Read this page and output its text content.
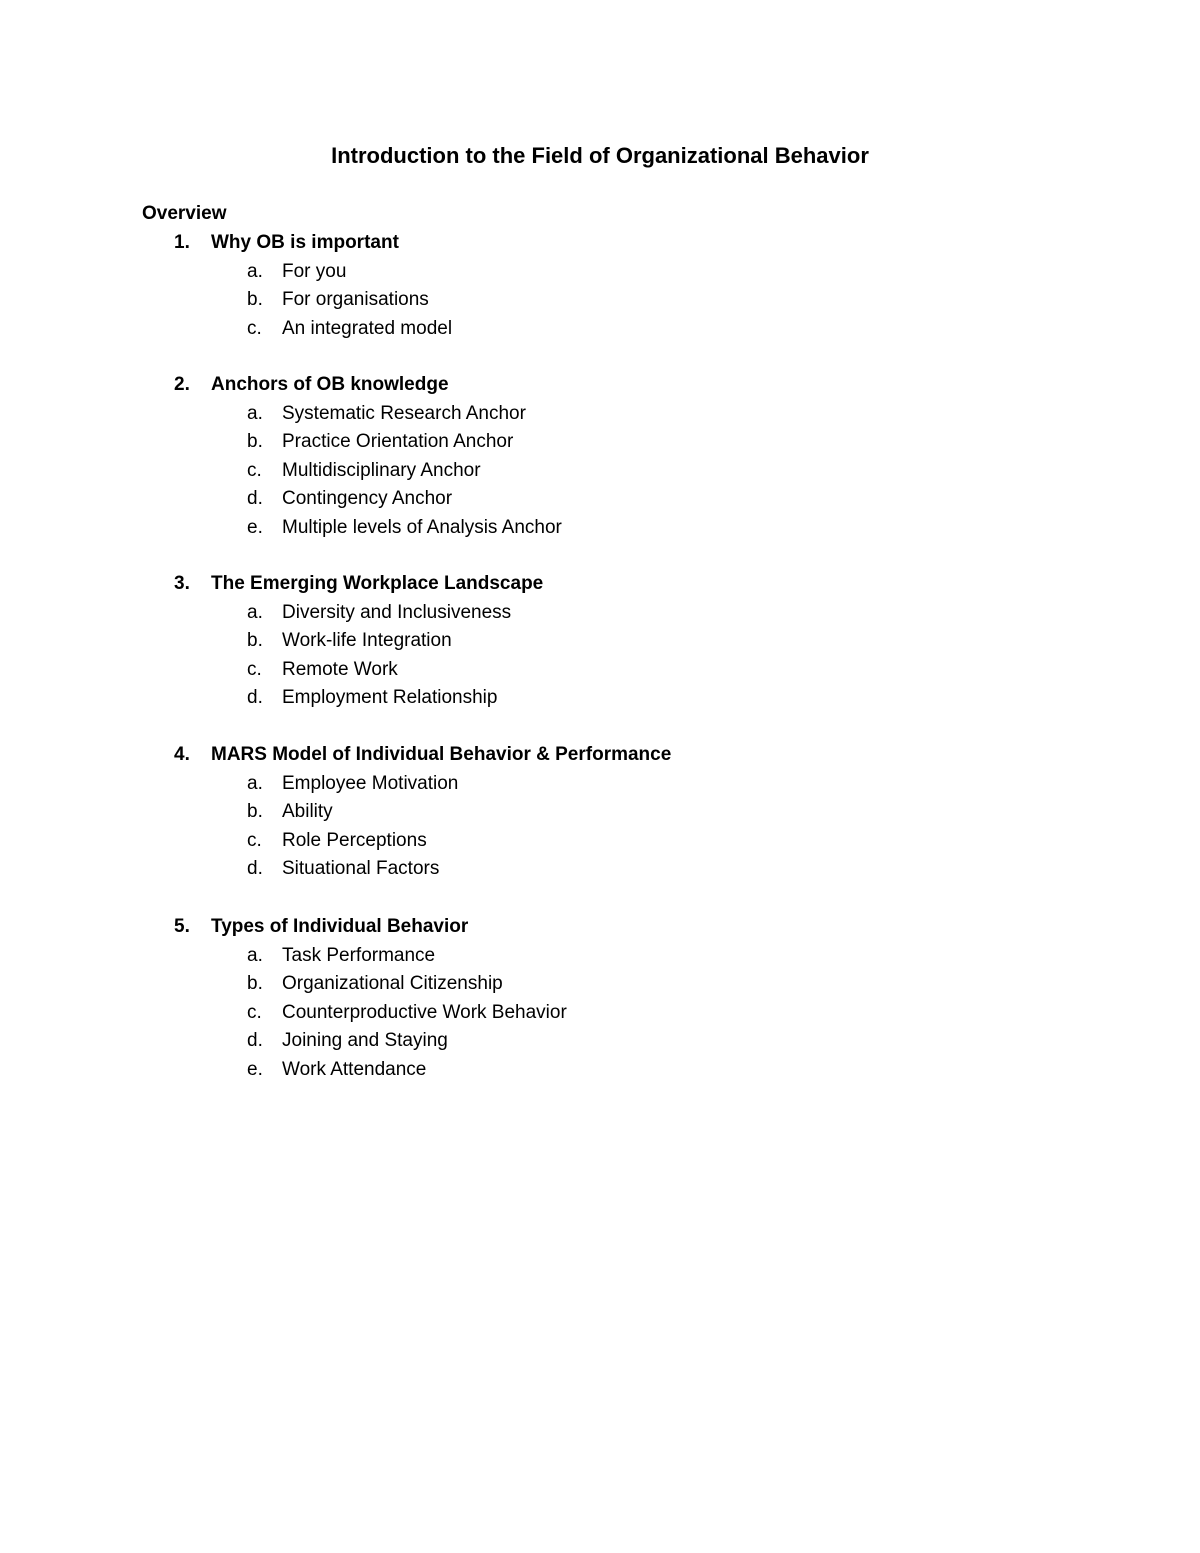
Introduction to the Field of Organizational Behavior
Overview
1. Why OB is important
a. For you
b. For organisations
c. An integrated model
2. Anchors of OB knowledge
a. Systematic Research Anchor
b. Practice Orientation Anchor
c. Multidisciplinary Anchor
d. Contingency Anchor
e. Multiple levels of Analysis Anchor
3. The Emerging Workplace Landscape
a. Diversity and Inclusiveness
b. Work-life Integration
c. Remote Work
d. Employment Relationship
4. MARS Model of Individual Behavior & Performance
a. Employee Motivation
b. Ability
c. Role Perceptions
d. Situational Factors
5. Types of Individual Behavior
a. Task Performance
b. Organizational Citizenship
c. Counterproductive Work Behavior
d. Joining and Staying
e. Work Attendance
